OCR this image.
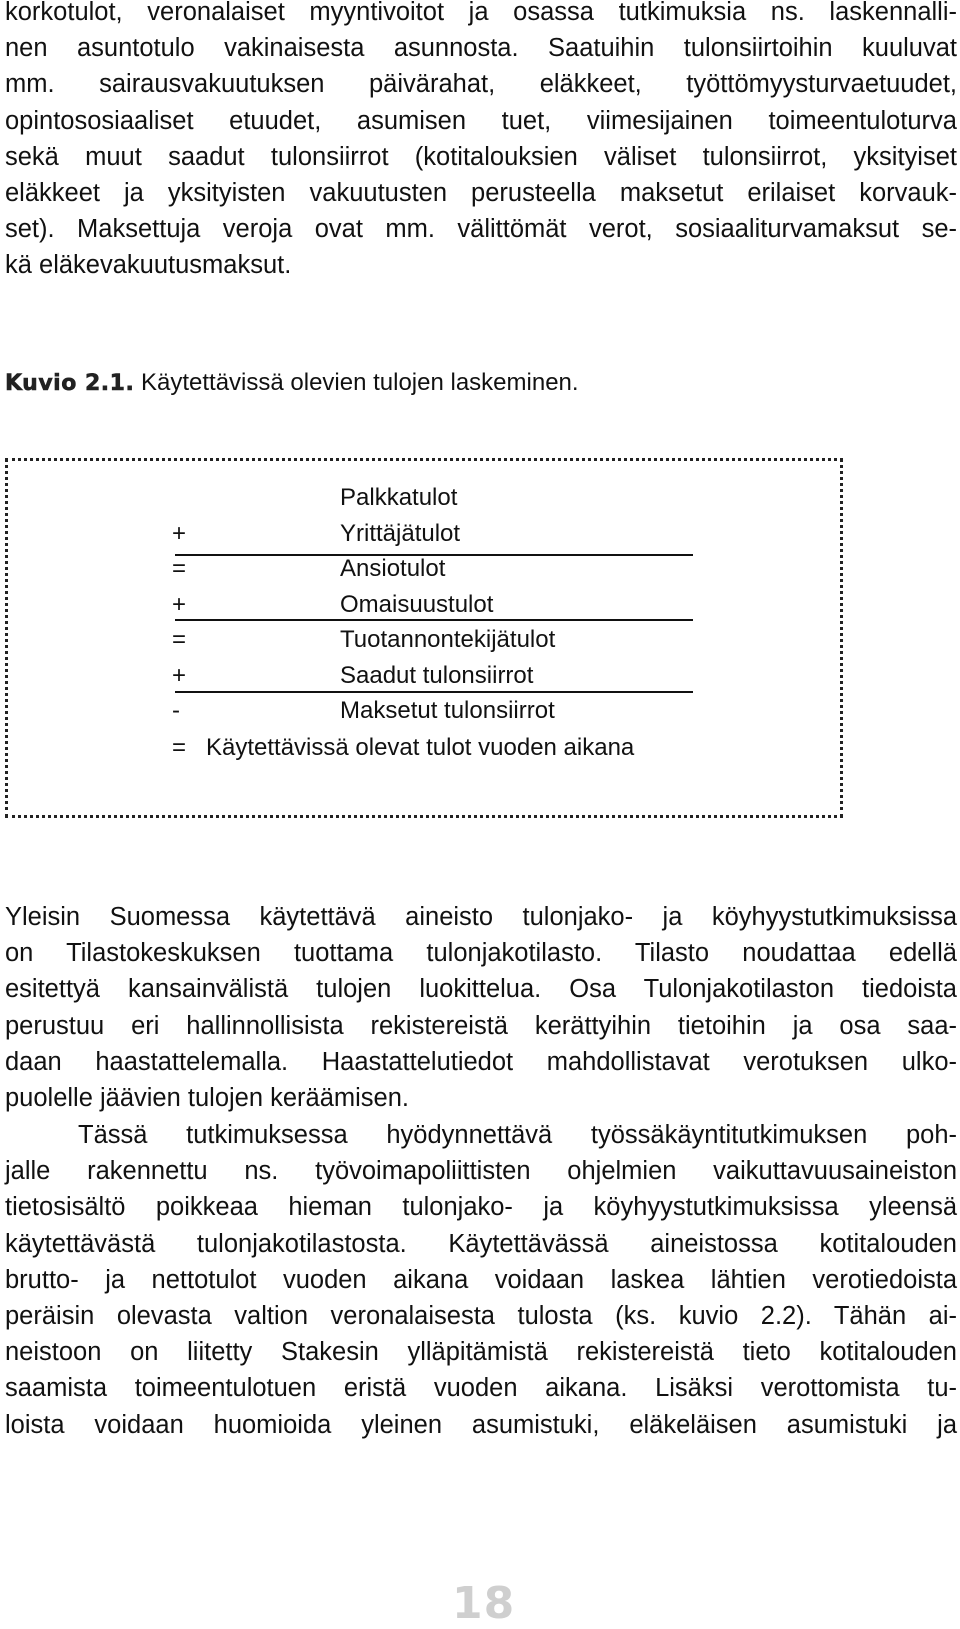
korkotulot, veronalaiset myyntivoitot ja osassa tutkimuksia ns. laskennalli-
nen asuntotulo vakinaisesta asunnosta. Saatuihin tulonsiirtoihin kuuluvat
mm. sairausvakuutuksen päivärahat, eläkkeet, työttömyysturvaetuudet,
opintososiaaliset etuudet, asumisen tuet, viimesijainen toimeentuloturva
sekä muut saadut tulonsiirrot (kotitalouksien väliset tulonsiirrot, yksityiset
eläkkeet ja yksityisten vakuutusten perusteella maksetut erilaiset korvauk-
set). Maksettuja veroja ovat mm. välittömät verot, sosiaaliturvamaksut se-
kä eläkevakuutusmaksut.
Kuvio 2.1. Käytettävissä olevien tulojen laskeminen.
Palkkatulot
+	Yrittäjätulot
=	Ansiotulot
+	Omaisuustulot
=	Tuotannontekijätulot
+	Saadut tulonsiirrot
-	Maksetut tulonsiirrot
= Käytettävissä olevat tulot vuoden aikana
Yleisin Suomessa käytettävä aineisto tulonjako- ja köyhyystutkimuksissa
on Tilastokeskuksen tuottama tulonjakotilasto. Tilasto noudattaa edellä
esitettyä kansainvälistä tulojen luokittelua. Osa Tulonjakotilaston tiedoista
perustuu eri hallinnollisista rekistereistä kerättyihin tietoihin ja osa saa-
daan haastattelemalla. Haastattelutiedot mahdollistavat verotuksen ulko-
puolelle jäävien tulojen keräämisen.
Tässä tutkimuksessa hyödynnettävä työssäkäyntitutkimuksen poh-
jalle rakennettu ns. työvoimapoliittisten ohjelmien vaikuttavuusaineiston
tietosisältö poikkeaa hieman tulonjako- ja köyhyystutkimuksissa yleensä
käytettävästä tulonjakotilastosta. Käytettävässä aineistossa kotitalouden
brutto- ja nettotulot vuoden aikana voidaan laskea lähtien verotiedoista
peräisin olevasta valtion veronalaisesta tulosta (ks. kuvio 2.2). Tähän ai-
neistoon on liitetty Stakesin ylläpitämistä rekistereistä tieto kotitalouden
saamista toimeentulotuen eristä vuoden aikana. Lisäksi verottomista tu-
loista voidaan huomioida yleinen asumistuki, eläkeläisen asumistuki ja
18
